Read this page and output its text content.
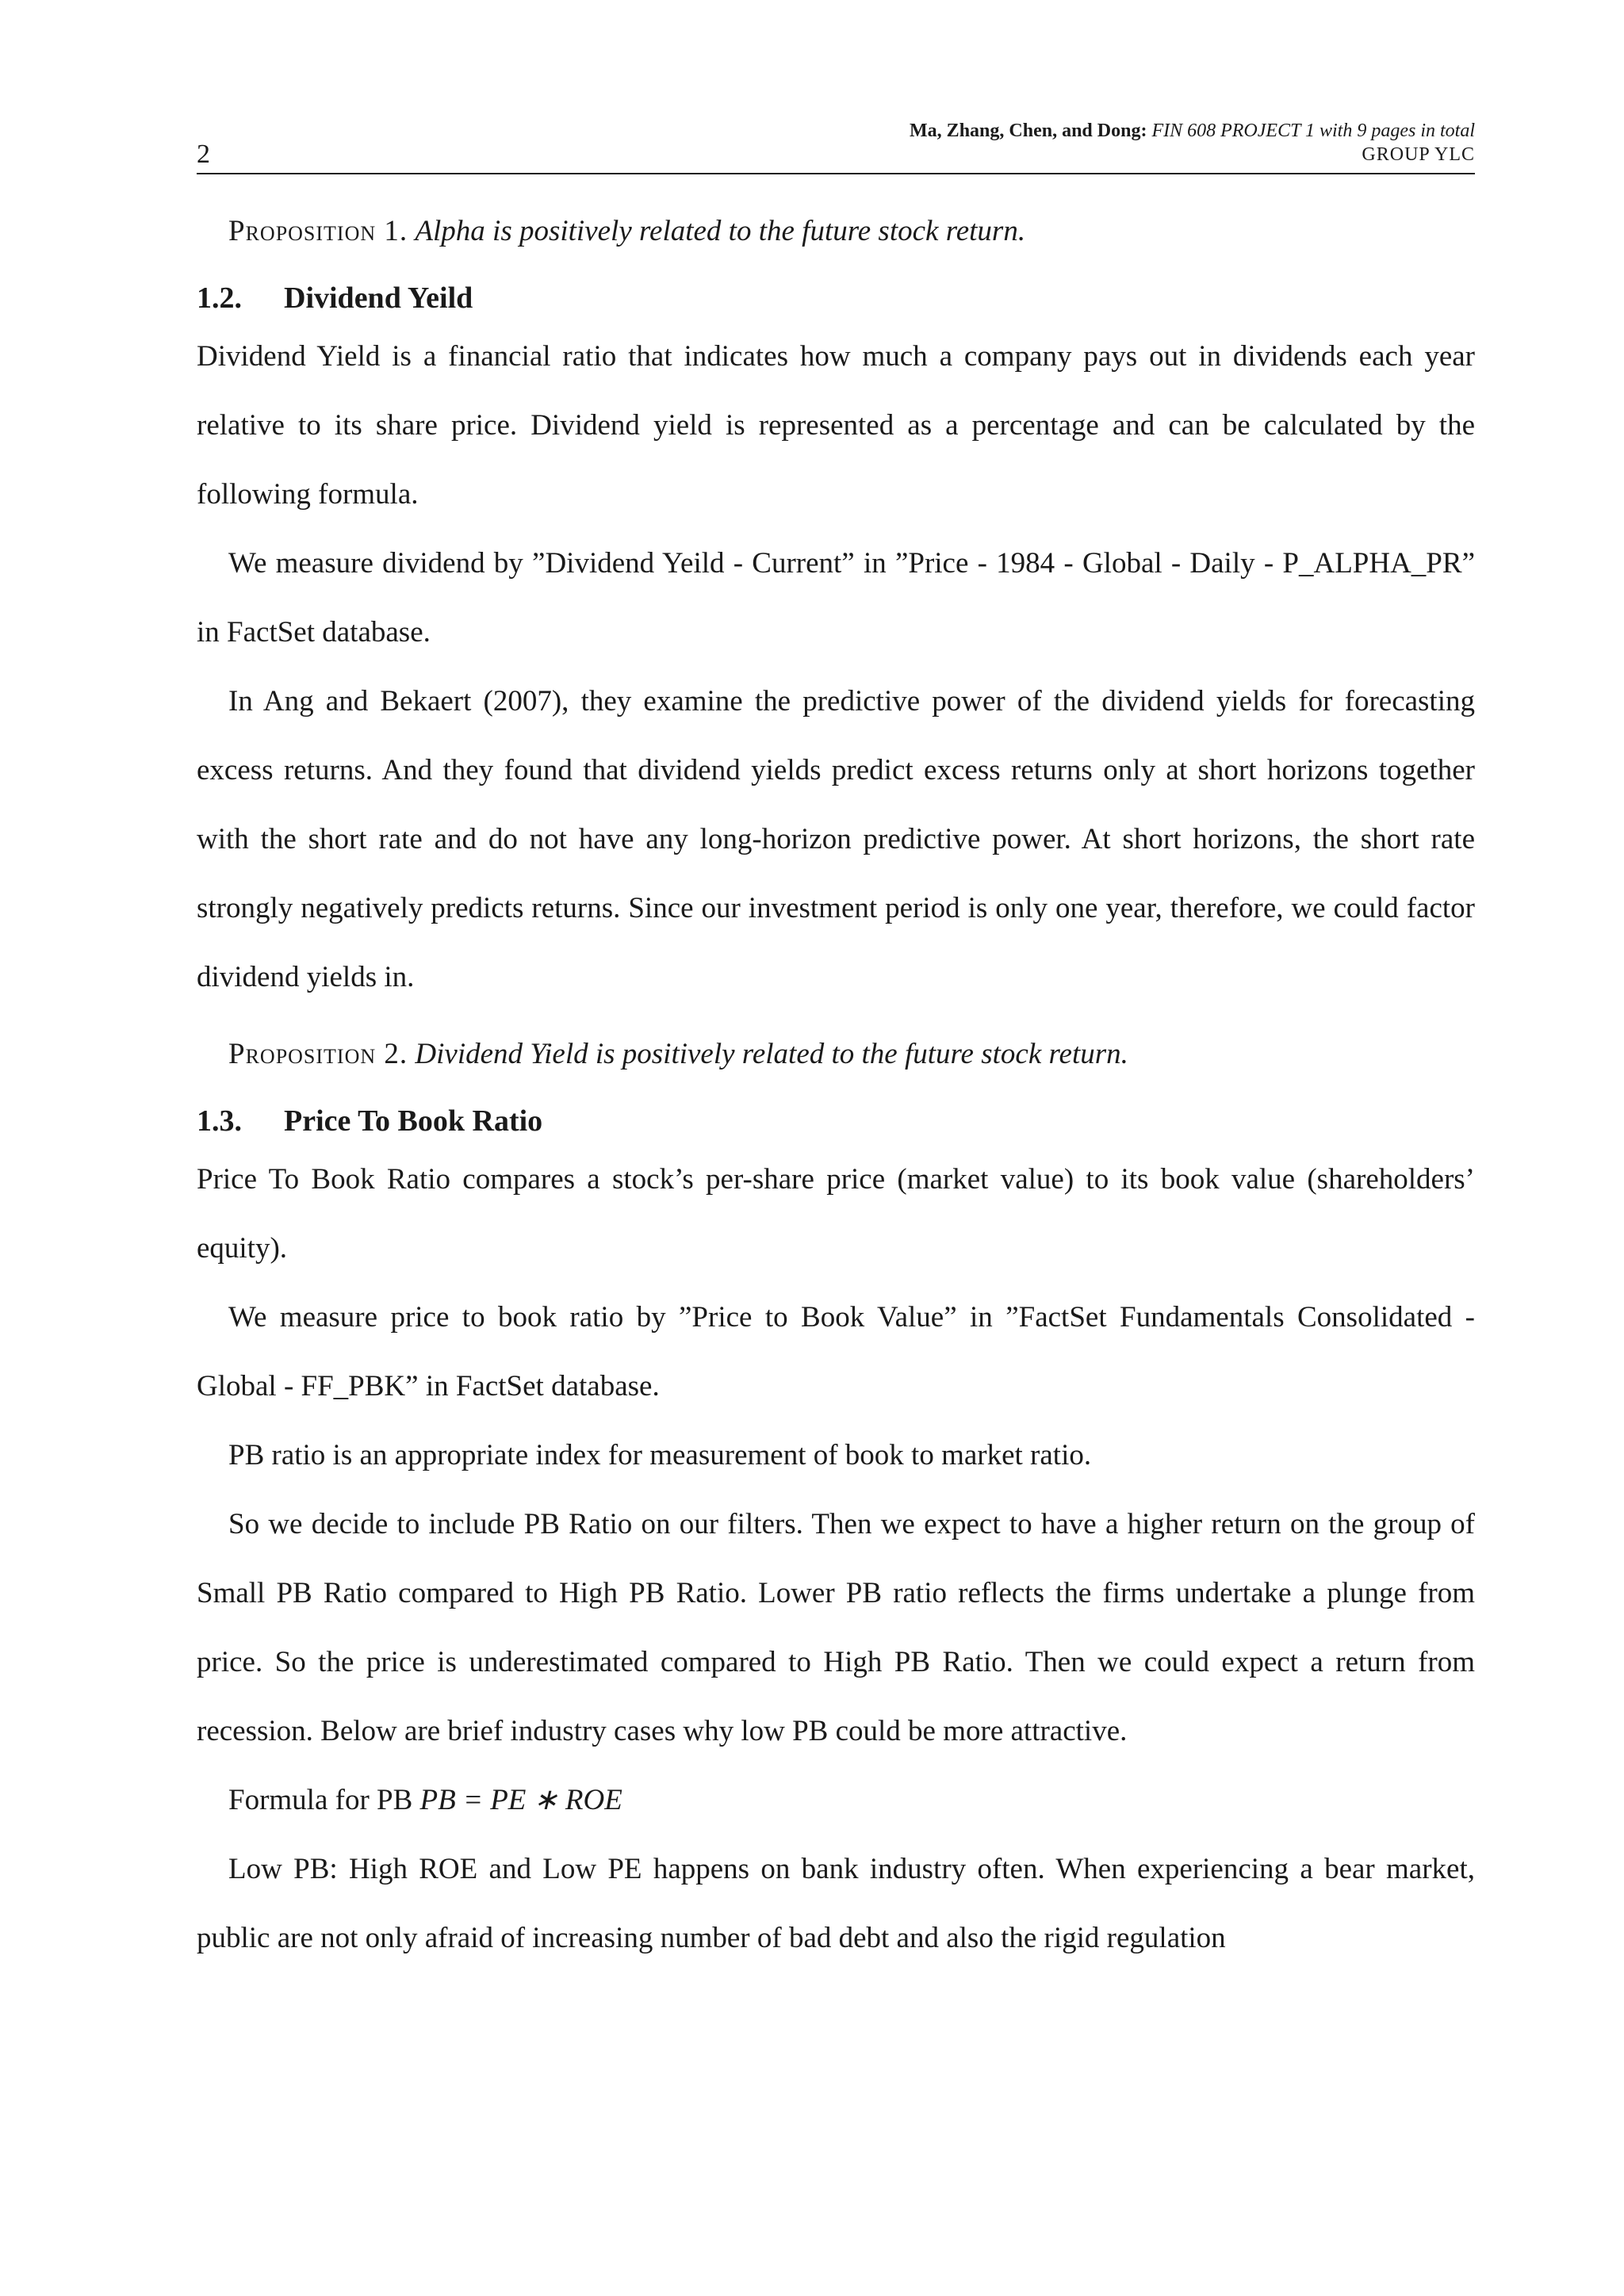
2
Ma, Zhang, Chen, and Dong: FIN 608 PROJECT 1 with 9 pages in total
GROUP YLC

Proposition 1. Alpha is positively related to the future stock return.

1.2. Dividend Yeild

Dividend Yield is a financial ratio that indicates how much a company pays out in dividends each year relative to its share price. Dividend yield is represented as a percentage and can be calculated by the following formula.

We measure dividend by ”Dividend Yeild - Current” in ”Price - 1984 - Global - Daily - P_ALPHA_PR” in FactSet database.

In Ang and Bekaert (2007), they examine the predictive power of the dividend yields for forecasting excess returns. And they found that dividend yields predict excess returns only at short horizons together with the short rate and do not have any long-horizon predictive power. At short horizons, the short rate strongly negatively predicts returns. Since our investment period is only one year, therefore, we could factor dividend yields in.

Proposition 2. Dividend Yield is positively related to the future stock return.

1.3. Price To Book Ratio

Price To Book Ratio compares a stock’s per-share price (market value) to its book value (shareholders’ equity).

We measure price to book ratio by ”Price to Book Value” in ”FactSet Fundamentals Consolidated - Global - FF_PBK” in FactSet database.

PB ratio is an appropriate index for measurement of book to market ratio.

So we decide to include PB Ratio on our filters. Then we expect to have a higher return on the group of Small PB Ratio compared to High PB Ratio. Lower PB ratio reflects the firms undertake a plunge from price. So the price is underestimated compared to High PB Ratio. Then we could expect a return from recession. Below are brief industry cases why low PB could be more attractive.

Formula for PB PB = PE ∗ ROE

Low PB: High ROE and Low PE happens on bank industry often. When experiencing a bear market, public are not only afraid of increasing number of bad debt and also the rigid regulation
